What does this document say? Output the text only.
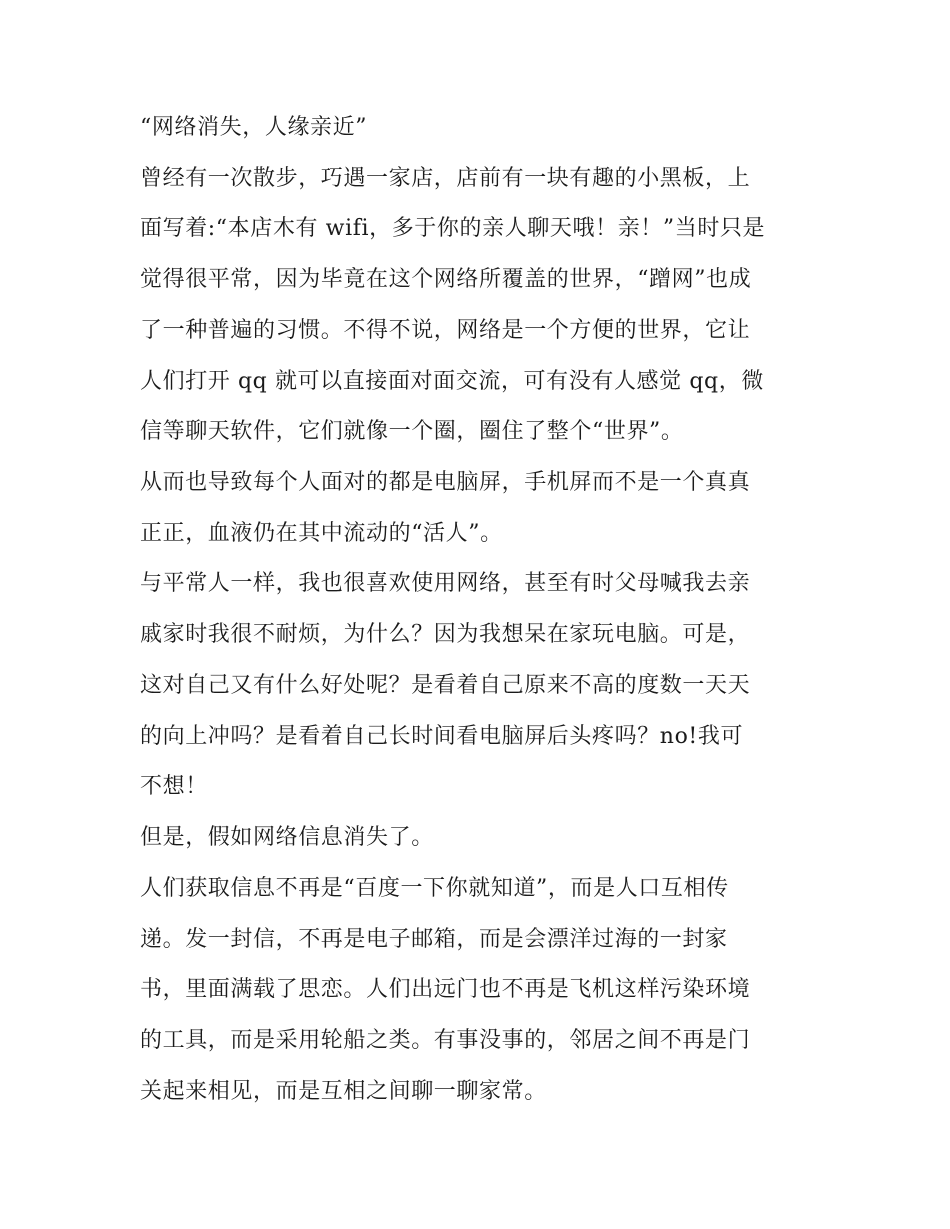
“网络消失，人缘亲近”

曾经有一次散步，巧遇一家店，店前有一块有趣的小黑板，上

面写着:“本店木有 wifi，多于你的亲人聊天哦！亲！”当时只是

觉得很平常，因为毕竟在这个网络所覆盖的世界，“蹭网”也成

了一种普遍的习惯。不得不说，网络是一个方便的世界，它让

人们打开 qq 就可以直接面对面交流，可有没有人感觉 qq，微

信等聊天软件，它们就像一个圈，圈住了整个“世界”。

从而也导致每个人面对的都是电脑屏，手机屏而不是一个真真

正正，血液仍在其中流动的“活人”。

与平常人一样，我也很喜欢使用网络，甚至有时父母喊我去亲

戚家时我很不耐烦，为什么？因为我想呆在家玩电脑。可是，

这对自己又有什么好处呢？是看着自己原来不高的度数一天天

的向上冲吗？是看着自己长时间看电脑屏后头疼吗？no!我可

不想！

但是，假如网络信息消失了。

人们获取信息不再是“百度一下你就知道”，而是人口互相传

递。发一封信，不再是电子邮箱，而是会漂洋过海的一封家

书，里面满载了思恋。人们出远门也不再是飞机这样污染环境

的工具，而是采用轮船之类。有事没事的，邻居之间不再是门

关起来相见，而是互相之间聊一聊家常。
